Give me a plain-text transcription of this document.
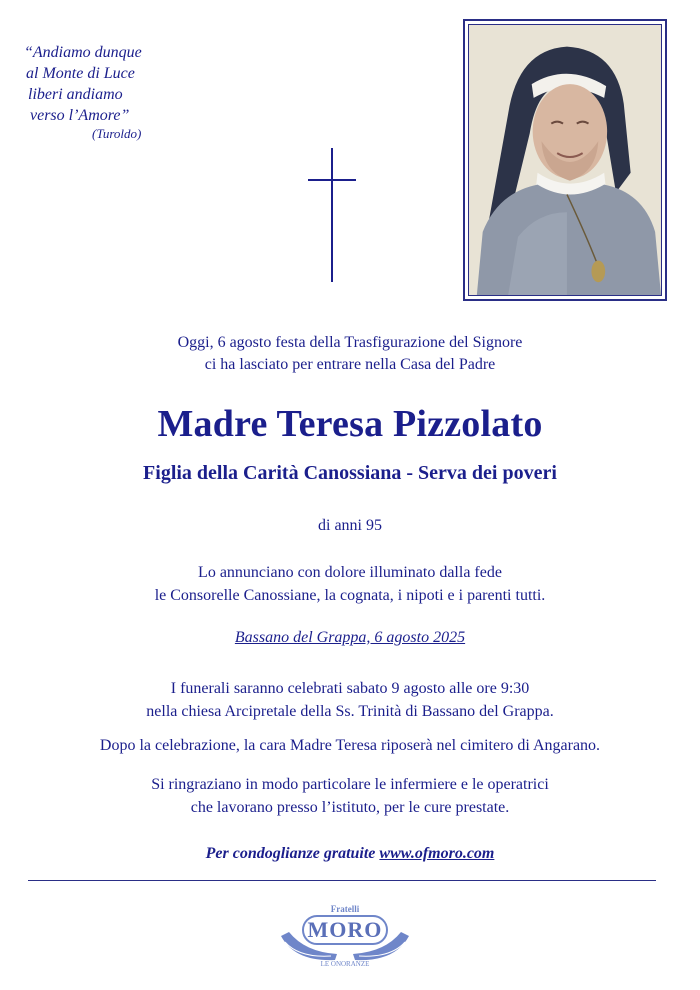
“Andiamo dunque
al Monte di Luce
liberi andiamo
verso l’Amore”
(Turoldo)
Oggi, 6 agosto festa della Trasfigurazione del Signore
ci ha lasciato per entrare nella Casa del Padre
Madre Teresa Pizzolato
Figlia della Carità Canossiana - Serva dei poveri
di anni 95
Lo annunciano con dolore illuminato dalla fede
le Consorelle Canossiane, la cognata, i nipoti e i parenti tutti.
Bassano del Grappa, 6 agosto 2025
I funerali saranno celebrati sabato 9 agosto alle ore 9:30
nella chiesa Arcipretale della Ss. Trinità di Bassano del Grappa.
Dopo la celebrazione, la cara Madre Teresa riposerà nel cimitero di Angarano.
Si ringraziano in modo particolare le infermiere e le operatrici
che lavorano presso l’istituto, per le cure prestate.
Per condoglianze gratuite www.ofmoro.com
Fratelli
MORO
LE ONORANZE
